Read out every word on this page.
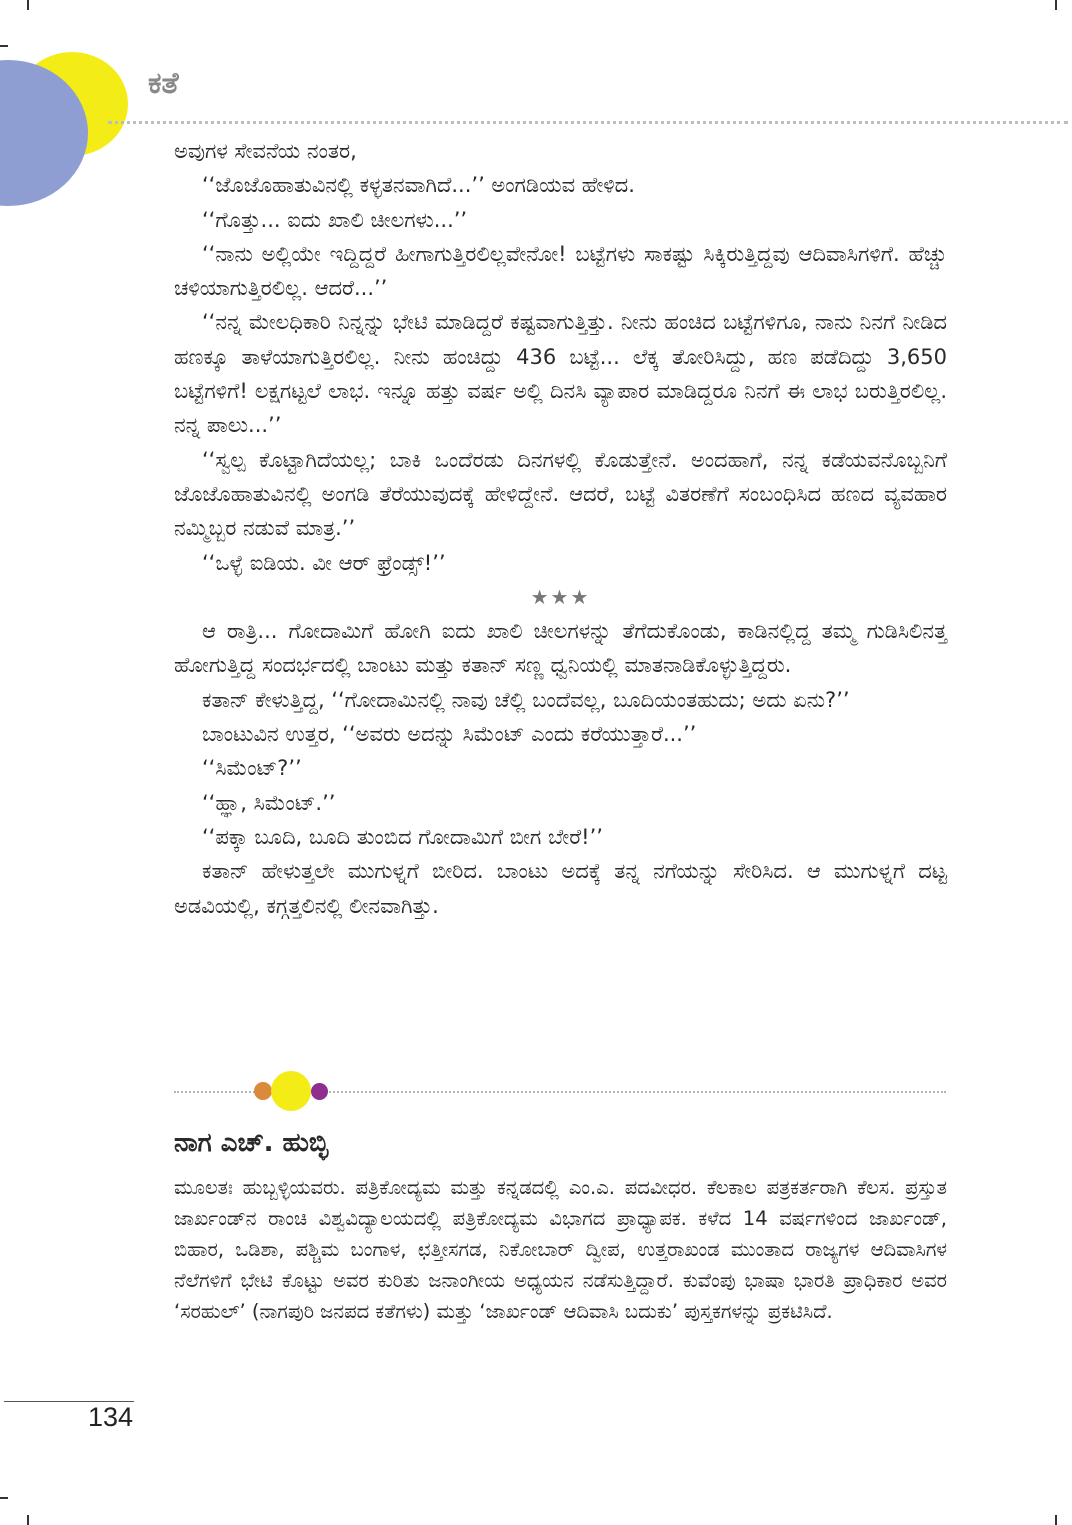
ಕತೆ

ಅವುಗಳ ಸೇವನೆಯ ನಂತರ,

‘‘ಜೊಜೊಹಾತುವಿನಲ್ಲಿ ಕಳ್ಳತನವಾಗಿದೆ...’’ ಅಂಗಡಿಯವ ಹೇಳಿದ.

‘‘ಗೊತ್ತು... ಐದು ಖಾಲಿ ಚೀಲಗಳು...’’

‘‘ನಾನು ಅಲ್ಲಿಯೇ ಇದ್ದಿದ್ದರೆ ಹೀಗಾಗುತ್ತಿರಲಿಲ್ಲವೇನೋ! ಬಟ್ಟೆಗಳು ಸಾಕಷ್ಟು ಸಿಕ್ಕಿರುತ್ತಿದ್ದವು ಆದಿವಾಸಿಗಳಿಗೆ. ಹೆಚ್ಚು ಚಳಿಯಾಗುತ್ತಿರಲಿಲ್ಲ. ಆದರೆ...’’

‘‘ನನ್ನ ಮೇಲಧಿಕಾರಿ ನಿನ್ನನ್ನು ಭೇಟಿ ಮಾಡಿದ್ದರೆ ಕಷ್ಟವಾಗುತ್ತಿತ್ತು. ನೀನು ಹಂಚಿದ ಬಟ್ಟೆಗಳಿಗೂ, ನಾನು ನಿನಗೆ ನೀಡಿದ ಹಣಕ್ಕೂ ತಾಳೆಯಾಗುತ್ತಿರಲಿಲ್ಲ. ನೀನು ಹಂಚಿದ್ದು 436 ಬಟ್ಟೆ... ಲೆಕ್ಕ ತೋರಿಸಿದ್ದು, ಹಣ ಪಡೆದಿದ್ದು 3,650 ಬಟ್ಟೆಗಳಿಗೆ! ಲಕ್ಷಗಟ್ಟಲೆ ಲಾಭ. ಇನ್ನೂ ಹತ್ತು ವರ್ಷ ಅಲ್ಲಿ ದಿನಸಿ ವ್ಯಾಪಾರ ಮಾಡಿದ್ದರೂ ನಿನಗೆ ಈ ಲಾಭ ಬರುತ್ತಿರಲಿಲ್ಲ. ನನ್ನ ಪಾಲು...’’

‘‘ಸ್ವಲ್ಪ ಕೊಟ್ಟಾಗಿದೆಯಲ್ಲ; ಬಾಕಿ ಒಂದೆರಡು ದಿನಗಳಲ್ಲಿ ಕೊಡುತ್ತೇನೆ. ಅಂದಹಾಗೆ, ನನ್ನ ಕಡೆಯವನೊಬ್ಬನಿಗೆ ಜೊಜೊಹಾತುವಿನಲ್ಲಿ ಅಂಗಡಿ ತೆರೆಯುವುದಕ್ಕೆ ಹೇಳಿದ್ದೇನೆ. ಆದರೆ, ಬಟ್ಟೆ ವಿತರಣೆಗೆ ಸಂಬಂಧಿಸಿದ ಹಣದ ವ್ಯವಹಾರ ನಮ್ಮಿಬ್ಬರ ನಡುವೆ ಮಾತ್ರ.’’

‘‘ಒಳ್ಳೆ ಐಡಿಯ. ವೀ ಆರ್ ಫ್ರೆಂಡ್ಸ್!’’

★★★

ಆ ರಾತ್ರಿ... ಗೋದಾಮಿಗೆ ಹೋಗಿ ಐದು ಖಾಲಿ ಚೀಲಗಳನ್ನು ತೆಗೆದುಕೊಂಡು, ಕಾಡಿನಲ್ಲಿದ್ದ ತಮ್ಮ ಗುಡಿಸಿಲಿನತ್ತ ಹೋಗುತ್ತಿದ್ದ ಸಂದರ್ಭದಲ್ಲಿ ಬಾಂಟು ಮತ್ತು ಕತಾನ್ ಸಣ್ಣ ಧ್ವನಿಯಲ್ಲಿ ಮಾತನಾಡಿಕೊಳ್ಳುತ್ತಿದ್ದರು.

ಕತಾನ್ ಕೇಳುತ್ತಿದ್ದ, ‘‘ಗೋದಾಮಿನಲ್ಲಿ ನಾವು ಚೆಲ್ಲಿ ಬಂದೆವಲ್ಲ, ಬೂದಿಯಂತಹುದು; ಅದು ಏನು?’’

ಬಾಂಟುವಿನ ಉತ್ತರ, ‘‘ಅವರು ಅದನ್ನು ಸಿಮೆಂಟ್ ಎಂದು ಕರೆಯುತ್ತಾರೆ...’’

‘‘ಸಿಮೆಂಟ್?’’

‘‘ಹ್ಞಾ, ಸಿಮೆಂಟ್.’’

‘‘ಪಕ್ಕಾ ಬೂದಿ, ಬೂದಿ ತುಂಬಿದ ಗೋದಾಮಿಗೆ ಬೀಗ ಬೇರೆ!’’

ಕತಾನ್ ಹೇಳುತ್ತಲೇ ಮುಗುಳ್ನಗೆ ಬೀರಿದ. ಬಾಂಟು ಅದಕ್ಕೆ ತನ್ನ ನಗೆಯನ್ನು ಸೇರಿಸಿದ. ಆ ಮುಗುಳ್ನಗೆ ದಟ್ಟ ಅಡವಿಯಲ್ಲಿ, ಕಗ್ಗತ್ತಲಿನಲ್ಲಿ ಲೀನವಾಗಿತ್ತು.

ನಾಗ ಎಚ್. ಹುಬ್ಳಿ
ಮೂಲತಃ ಹುಬ್ಬಳ್ಳಿಯವರು. ಪತ್ರಿಕೋದ್ಯಮ ಮತ್ತು ಕನ್ನಡದಲ್ಲಿ ಎಂ.ಎ. ಪದವೀಧರ. ಕೆಲಕಾಲ ಪತ್ರಕರ್ತರಾಗಿ ಕೆಲಸ. ಪ್ರಸ್ತುತ ಜಾರ್ಖಂಡ್‌ನ ರಾಂಚಿ ವಿಶ್ವವಿದ್ಯಾಲಯದಲ್ಲಿ ಪತ್ರಿಕೋದ್ಯಮ ವಿಭಾಗದ ಪ್ರಾಧ್ಯಾಪಕ. ಕಳೆದ 14 ವರ್ಷಗಳಿಂದ ಜಾರ್ಖಂಡ್, ಬಿಹಾರ, ಒಡಿಶಾ, ಪಶ್ಚಿಮ ಬಂಗಾಳ, ಛತ್ತೀಸಗಡ, ನಿಕೋಬಾರ್ ದ್ವೀಪ, ಉತ್ತರಾಖಂಡ ಮುಂತಾದ ರಾಜ್ಯಗಳ ಆದಿವಾಸಿಗಳ ನೆಲೆಗಳಿಗೆ ಭೇಟಿ ಕೊಟ್ಟು ಅವರ ಕುರಿತು ಜನಾಂಗೀಯ ಅಧ್ಯಯನ ನಡೆಸುತ್ತಿದ್ದಾರೆ. ಕುವೆಂಪು ಭಾಷಾ ಭಾರತಿ ಪ್ರಾಧಿಕಾರ ಅವರ ‘ಸರಹುಲ್’ (ನಾಗಪುರಿ ಜನಪದ ಕತೆಗಳು) ಮತ್ತು ‘ಜಾರ್ಖಂಡ್ ಆದಿವಾಸಿ ಬದುಕು’ ಪುಸ್ತಕಗಳನ್ನು ಪ್ರಕಟಿಸಿದೆ.
134
